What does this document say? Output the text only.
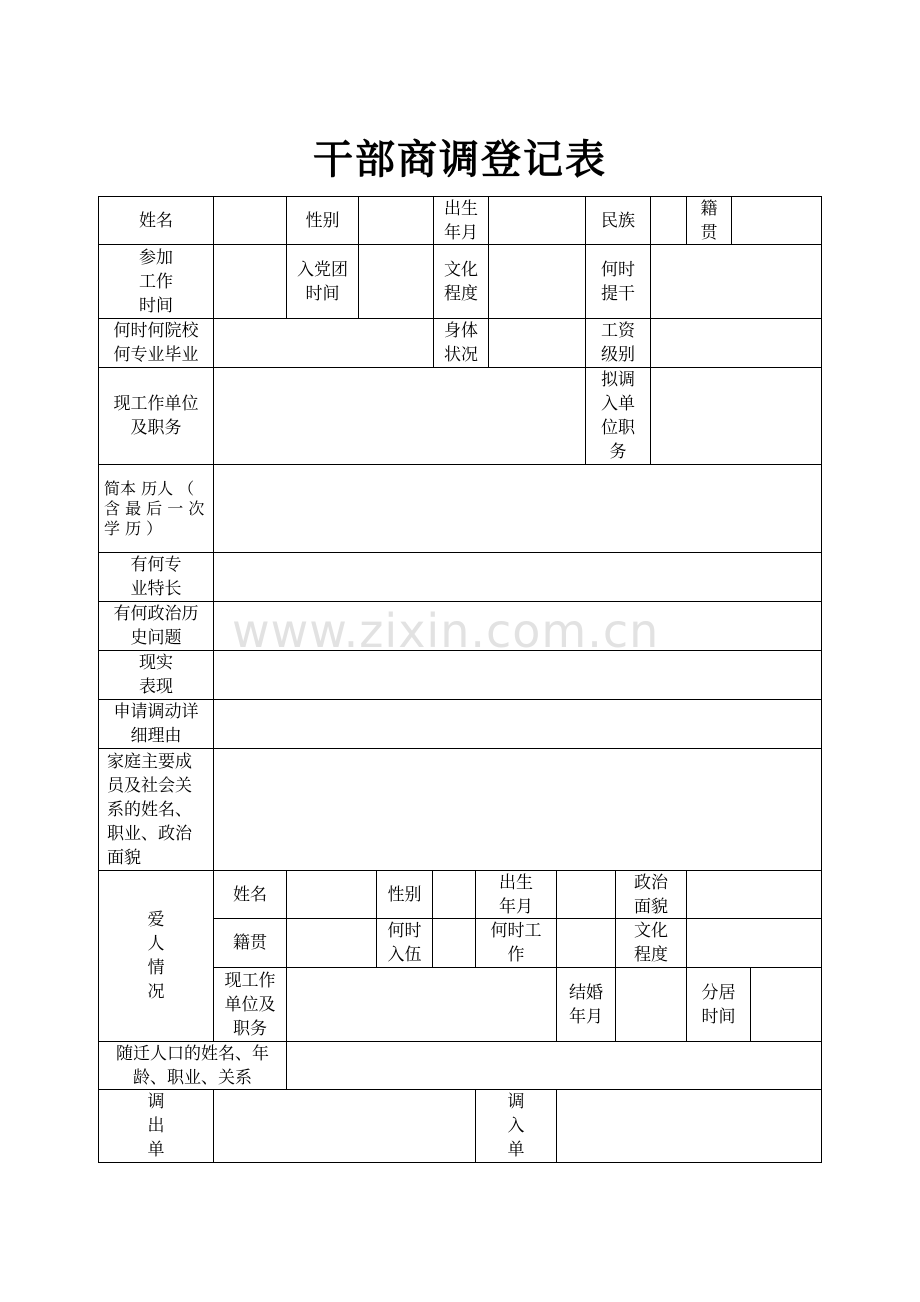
干部商调登记表
www.zixin.com.cn
姓名	性别
出生
年月
民族
籍
贯
参加
工作
时间
入党团
时间
文化
程度
何时
提干
何时何院校
何专业毕业
身体
状况
工资
级别
现工作单位
及职务
拟调
入单
位职
务
简本 历人 （ 含 最 后 一 次 学 历 ）
有何专
业特长
有何政治历
史问题
现实
表现
申请调动详
细理由
家庭主要成
员及社会关
系的姓名、
职业、政治
面貌
爱
人
情
况
姓名	性别
出生
年月
政治
面貌
籍贯
何时
入伍
何时工
作
文化
程度
现工作
单位及
职务
结婚
年月
分居
时间
随迁人口的姓名、年
龄、职业、关系
调
出
单
调
入
单
